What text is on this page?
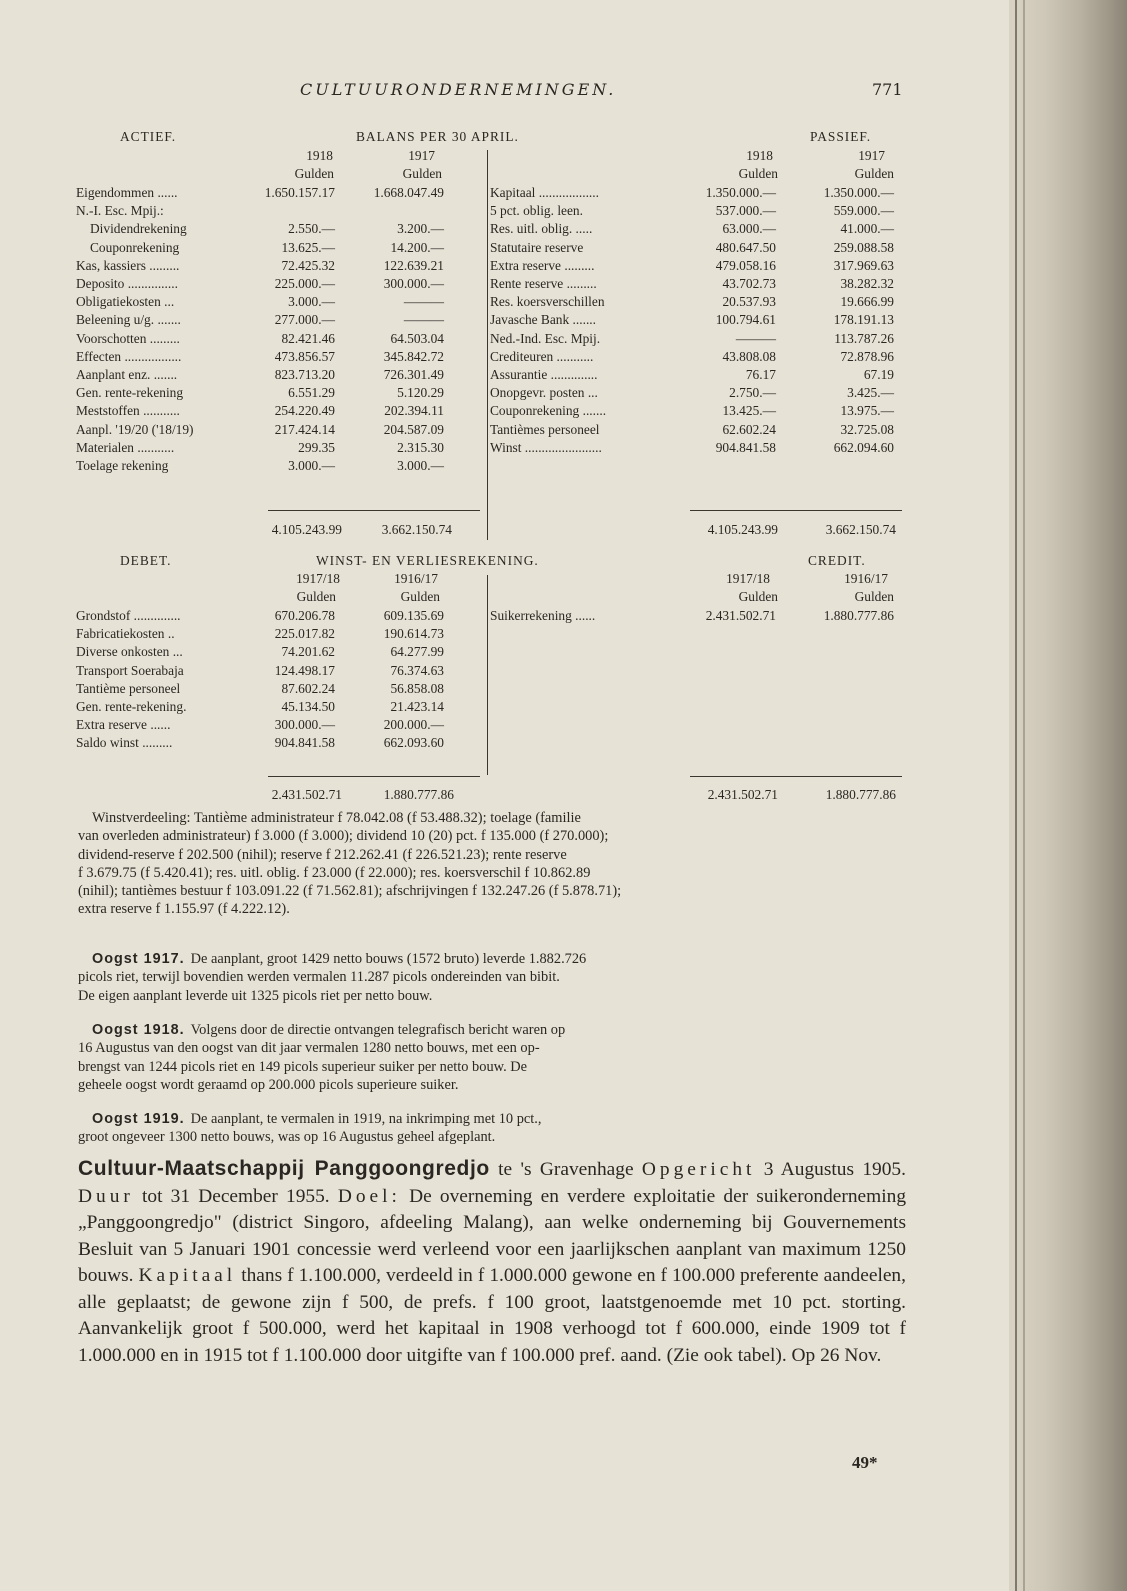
CULTUURONDERNEMINGEN.	771
ACTIEF.	BALANS PER 30 APRIL.	PASSIEF.
1918	1917	1918	1917
Gulden	Gulden	Gulden	Gulden
Eigendommen ......	1.650.157.17	1.668.047.49
N.-I. Esc. Mpij.:
Dividendrekening	2.550.—	3.200.—
Couponrekening	13.625.—	14.200.—
Kas, kassiers .........	72.425.32	122.639.21
Deposito ...............	225.000.—	300.000.—
Obligatiekosten ...	3.000.—	———
Beleening u/g. .......	277.000.—	———
Voorschotten .........	82.421.46	64.503.04
Effecten .................	473.856.57	345.842.72
Aanplant enz. .......	823.713.20	726.301.49
Gen. rente-rekening	6.551.29	5.120.29
Meststoffen ...........	254.220.49	202.394.11
Aanpl. '19/20 ('18/19)	217.424.14	204.587.09
Materialen ...........	299.35	2.315.30
Toelage rekening	3.000.—	3.000.—
Kapitaal ..................	1.350.000.—	1.350.000.—
5 pct. oblig. leen.	537.000.—	559.000.—
Res. uitl. oblig. .....	63.000.—	41.000.—
Statutaire reserve	480.647.50	259.088.58
Extra reserve .........	479.058.16	317.969.63
Rente reserve .........	43.702.73	38.282.32
Res. koersverschillen	20.537.93	19.666.99
Javasche Bank .......	100.794.61	178.191.13
Ned.-Ind. Esc. Mpij.	———	113.787.26
Crediteuren ...........	43.808.08	72.878.96
Assurantie ..............	76.17	67.19
Onopgevr. posten ...	2.750.—	3.425.—
Couponrekening .......	13.425.—	13.975.—
Tantièmes personeel	62.602.24	32.725.08
Winst .......................	904.841.58	662.094.60
4.105.243.99	3.662.150.74	4.105.243.99	3.662.150.74
DEBET.	WINST- EN VERLIESREKENING.	CREDIT.
1917/18	1916/17	1917/18	1916/17
Gulden	Gulden	Gulden	Gulden
Grondstof ..............	670.206.78	609.135.69
Fabricatiekosten ..	225.017.82	190.614.73
Diverse onkosten ...	74.201.62	64.277.99
Transport Soerabaja	124.498.17	76.374.63
Tantième personeel	87.602.24	56.858.08
Gen. rente-rekening.	45.134.50	21.423.14
Extra reserve ......	300.000.—	200.000.—
Saldo winst .........	904.841.58	662.093.60
Suikerrekening ......	2.431.502.71	1.880.777.86
2.431.502.71	1.880.777.86	2.431.502.71	1.880.777.86
Winstverdeeling: Tantième administrateur f 78.042.08 (f 53.488.32); toelage (familie
van overleden administrateur) f 3.000 (f 3.000); dividend 10 (20) pct. f 135.000 (f 270.000);
dividend-reserve f 202.500 (nihil); reserve f 212.262.41 (f 226.521.23); rente reserve
f 3.679.75 (f 5.420.41); res. uitl. oblig. f 23.000 (f 22.000); res. koersverschil f 10.862.89
(nihil); tantièmes bestuur f 103.091.22 (f 71.562.81); afschrijvingen f 132.247.26 (f 5.878.71);
extra reserve f 1.155.97 (f 4.222.12).
Oogst 1917. De aanplant, groot 1429 netto bouws (1572 bruto) leverde 1.882.726
picols riet, terwijl bovendien werden vermalen 11.287 picols ondereinden van bibit.
De eigen aanplant leverde uit 1325 picols riet per netto bouw.
Oogst 1918. Volgens door de directie ontvangen telegrafisch bericht waren op
16 Augustus van den oogst van dit jaar vermalen 1280 netto bouws, met een op-
brengst van 1244 picols riet en 149 picols superieur suiker per netto bouw. De
geheele oogst wordt geraamd op 200.000 picols superieure suiker.
Oogst 1919. De aanplant, te vermalen in 1919, na inkrimping met 10 pct.,
groot ongeveer 1300 netto bouws, was op 16 Augustus geheel afgeplant.
Cultuur-Maatschappij Panggoongredjo te 's Gravenhage Opgericht 3 Augustus 1905. Duur tot 31 December 1955. Doel: De overneming en verdere exploitatie der suikeronderneming „Panggoongredjo" (district Singoro, afdeeling Malang), aan welke onderneming bij Gouvernements Besluit van 5 Januari 1901 concessie werd verleend voor een jaarlijkschen aanplant van maximum 1250 bouws. Kapitaal thans f 1.100.000, verdeeld in f 1.000.000 gewone en f 100.000 preferente aandeelen, alle geplaatst; de gewone zijn f 500, de prefs. f 100 groot, laatstgenoemde met 10 pct. storting. Aanvankelijk groot f 500.000, werd het kapitaal in 1908 verhoogd tot f 600.000, einde 1909 tot f 1.000.000 en in 1915 tot f 1.100.000 door uitgifte van f 100.000 pref. aand. (Zie ook tabel). Op 26 Nov.
49*
